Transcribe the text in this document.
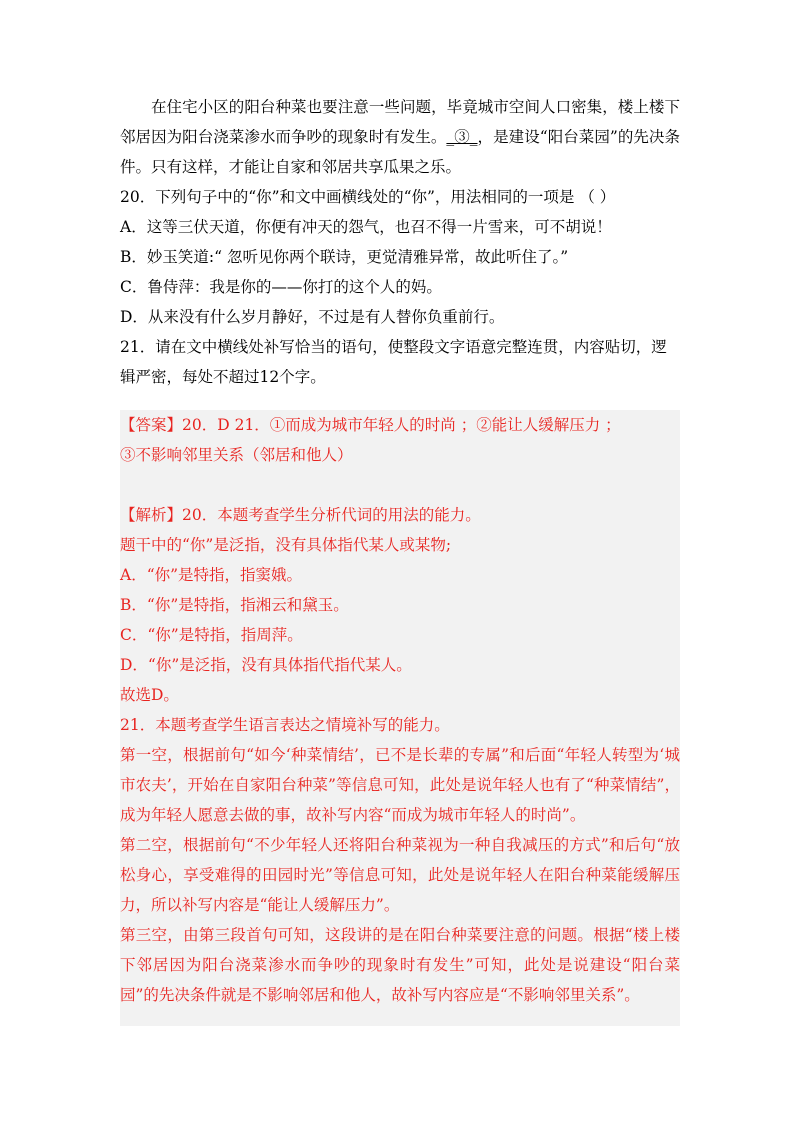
在住宅小区的阳台种菜也要注意一些问题，毕竟城市空间人口密集，楼上楼下邻居因为阳台浇菜渗水而争吵的现象时有发生。_③_，是建设“阳台菜园”的先决条件。只有这样，才能让自家和邻居共享瓜果之乐。

20．下列句子中的“你”和文中画横线处的“你”，用法相同的一项是 （ ）
A．这等三伏天道，你便有冲天的怨气，也召不得一片雪来，可不胡说！
B．妙玉笑道:“ 忽听见你两个联诗，更觉清雅异常，故此听住了。”
C．鲁侍萍：我是你的——你打的这个人的妈。
D．从来没有什么岁月静好，不过是有人替你负重前行。
21．请在文中横线处补写恰当的语句，使整段文字语意完整连贯，内容贴切，逻辑严密，每处不超过12个字。
【答案】20．D 21．①而成为城市年轻人的时尚 ；②能让人缓解压力 ；
③不影响邻里关系（邻居和他人）
【解析】20．本题考查学生分析代词的用法的能力。
题干中的“你”是泛指，没有具体指代某人或某物;
A．“你”是特指，指窦娥。
B．“你”是特指，指湘云和黛玉。
C．“你”是特指，指周萍。
D．“你”是泛指，没有具体指代指代某人。
故选D。
21．本题考查学生语言表达之情境补写的能力。
第一空，根据前句“如今‘种菜情结’，已不是长辈的专属”和后面“年轻人转型为‘城市农夫’，开始在自家阳台种菜”等信息可知，此处是说年轻人也有了“种菜情结”，成为年轻人愿意去做的事，故补写内容“而成为城市年轻人的时尚”。
第二空，根据前句“不少年轻人还将阳台种菜视为一种自我减压的方式”和后句“放松身心，享受难得的田园时光”等信息可知，此处是说年轻人在阳台种菜能缓解压力，所以补写内容是“能让人缓解压力”。
第三空，由第三段首句可知，这段讲的是在阳台种菜要注意的问题。根据“楼上楼下邻居因为阳台浇菜渗水而争吵的现象时有发生”可知，此处是说建设“阳台菜园”的先决条件就是不影响邻居和他人，故补写内容应是“不影响邻里关系”。
